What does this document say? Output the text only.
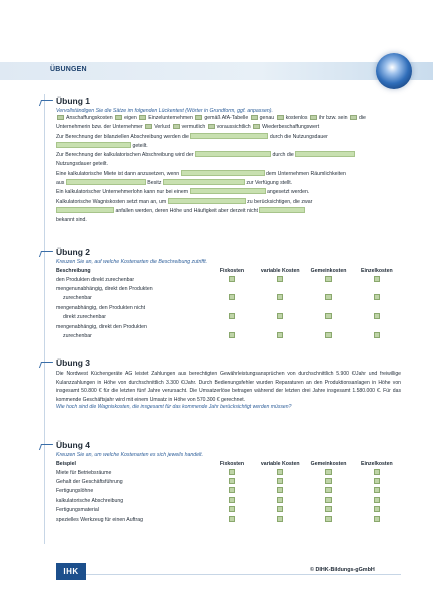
ÜBUNGEN
Übung 1
Vervollständigen Sie die Sätze im folgenden Lückentext (Wörter in Grundform, ggf. anpassen).
Anschaffungskosten eigen Einzelunternehmen gemäß AfA-Tabelle genau kostenlos ihr bzw. sein die Unternehmerin bzw. der Unternehmer Verlust vermutlich voraussichtlich Wiederbeschaffungswert
Zur Berechnung der bilanziellen Abschreibung werden die	durch die Nutzungsdauer
geteilt.
Zur Berechnung der kalkulatorischen Abschreibung wird der	durch die
Nutzungsdauer geteilt.
Eine kalkulatorische Miete ist dann anzusetzen, wenn	dem Unternehmen Räumlichkeiten
aus	Besitz	zur Verfügung stellt.
Ein kalkulatorischer Unternehmerlohn kann nur bei einem	angesetzt werden.
Kalkulatorische Wagniskosten setzt man an, um	zu berücksichtigen, die zwar
anfallen werden, deren Höhe und Häufigkeit aber derzeit nicht
bekannt sind.
Übung 2
Kreuzen Sie an, auf welche Kostenarten die Beschreibung zutrifft.
Beschreibung	Fixkosten	variable Kosten	Gemeinkosten	Einzelkosten
den Produkten direkt zurechenbar				
mengenunabhängig, direkt den Produkten				
zurechenbar				
mengenabhängig, den Produkten nicht				
direkt zurechenbar				
mengenabhängig, direkt den Produkten				
zurechenbar				
Übung 3
Die Nordwest Küchengeräte AG leistet Zahlungen aus berechtigten Gewährleistungsansprüchen von durchschnittlich 5.900 €/Jahr und freiwillige Kulanzzahlungen in Höhe von durchschnittlich 3.300 €/Jahr. Durch Bedienungsfehler wurden Reparaturen an den Produktionsanlagen in Höhe von insgesamt 50.800 € für die letzten fünf Jahre verursacht. Die Umsatzerlöse betragen während der letzten drei Jahre insgesamt 1.580.000 €. Für das kommende Geschäftsjahr wird mit einem Umsatz in Höhe von 570.300 € gerechnet.
Wie hoch sind die Wagniskosten, die insgesamt für das kommende Jahr berücksichtigt werden müssen?
Übung 4
Kreuzen Sie an, um welche Kostenarten es sich jeweils handelt.
Beispiel	Fixkosten	variable Kosten	Gemeinkosten	Einzelkosten
Miete für Betriebsräume				
Gehalt der Geschäftsführung				
Fertigungslöhne				
kalkulatorische Abschreibung				
Fertigungsmaterial				
spezielles Werkzeug für einen Auftrag				
IHK	© DIHK-Bildungs-gGmbH
